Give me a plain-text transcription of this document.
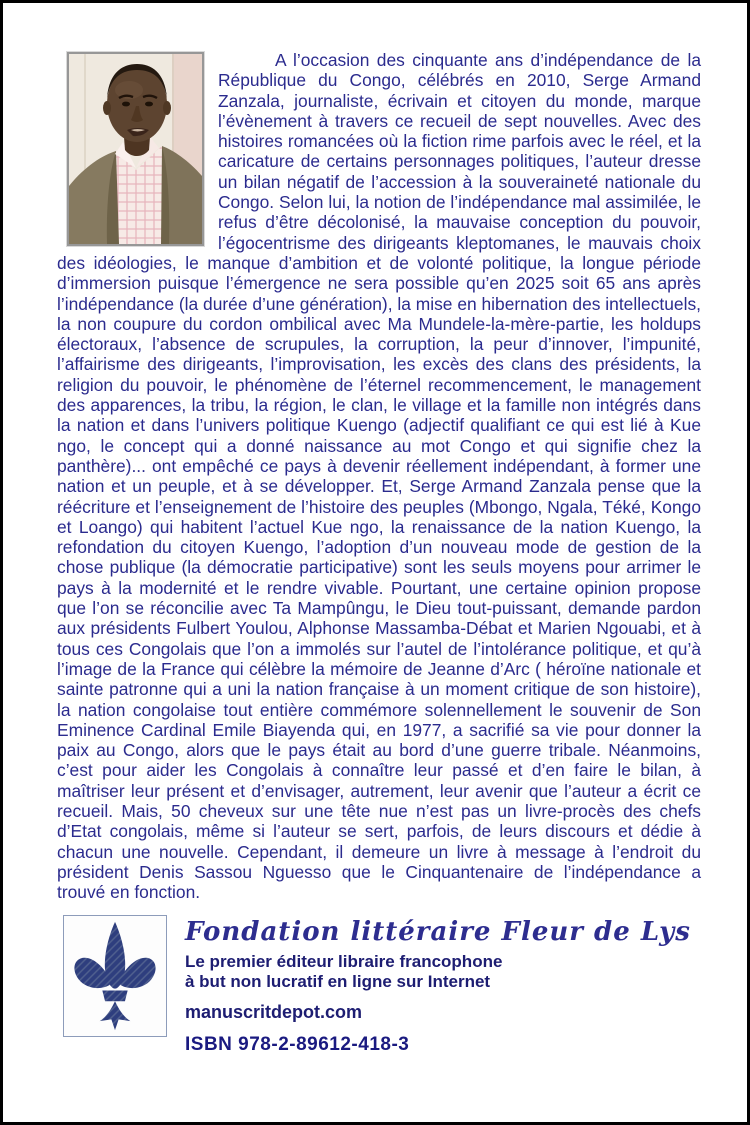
A l’occasion des cinquante ans d’indépendance de la République du Congo, célébrés en 2010, Serge Armand Zanzala, journaliste, écrivain et citoyen du monde, marque l’évènement à travers ce recueil de sept nouvelles. Avec des histoires romancées où la fiction rime parfois avec le réel, et la caricature de certains personnages politiques, l’auteur dresse un bilan négatif de l’accession à la souveraineté nationale du Congo. Selon lui, la notion de l’indépendance mal assimilée, le refus d’être décolonisé, la mauvaise conception du pouvoir, l’égocentrisme des dirigeants kleptomanes, le mauvais choix des idéologies, le manque d’ambition et de volonté politique, la longue période d’immersion puisque l’émergence ne sera possible qu’en 2025 soit 65 ans après l’indépendance (la durée d’une génération), la mise en hibernation des intellectuels, la non coupure du cordon ombilical avec Ma Mundele-la-mère-partie, les holdups électoraux, l’absence de scrupules, la corruption, la peur d’innover, l’impunité, l’affairisme des dirigeants, l’improvisation, les excès des clans des présidents, la religion du pouvoir, le phénomène de l’éternel recommencement, le management des apparences, la tribu, la région, le clan, le village et la famille non intégrés dans la nation et dans l’univers politique Kuengo (adjectif qualifiant ce qui est lié à Kue ngo, le concept qui a donné naissance au mot Congo et qui signifie chez la panthère)... ont empêché ce pays à devenir réellement indépendant, à former une nation et un peuple, et à se développer. Et, Serge Armand Zanzala pense que la réécriture et l’enseignement de l’histoire des peuples (Mbongo, Ngala, Téké, Kongo et Loango) qui habitent l’actuel Kue ngo, la renaissance de la nation Kuengo, la refondation du citoyen Kuengo, l’adoption d’un nouveau mode de gestion de la chose publique (la démocratie participative) sont les seuls moyens pour arrimer le pays à la modernité et le rendre vivable. Pourtant, une certaine opinion propose que l’on se réconcilie avec Ta Mampûngu, le Dieu tout-puissant, demande pardon aux présidents Fulbert Youlou, Alphonse Massamba-Débat et Marien Ngouabi, et à tous ces Congolais que l’on a immolés sur l’autel de l’intolérance politique, et qu’à l’image de la France qui célèbre la mémoire de Jeanne d’Arc ( héroïne nationale et sainte patronne qui a uni la nation française à un moment critique de son histoire), la nation congolaise tout entière commémore solennellement le souvenir de Son Eminence Cardinal Emile Biayenda qui, en 1977, a sacrifié sa vie pour donner la paix au Congo, alors que le pays était au bord d’une guerre tribale. Néanmoins, c’est pour aider les Congolais à connaître leur passé et d’en faire le bilan, à maîtriser leur présent et d’envisager, autrement, leur avenir que l’auteur a écrit ce recueil. Mais, 50 cheveux sur une tête nue n’est pas un livre-procès des chefs d’Etat congolais, même si l’auteur se sert, parfois, de leurs discours et dédie à chacun une nouvelle. Cependant, il demeure un livre à message à l’endroit du président Denis Sassou Nguesso que le Cinquantenaire de l’indépendance a trouvé en fonction.

Fondation littéraire Fleur de Lys
Le premier éditeur libraire francophone
à but non lucratif en ligne sur Internet
manuscritdepot.com
ISBN 978-2-89612-418-3
